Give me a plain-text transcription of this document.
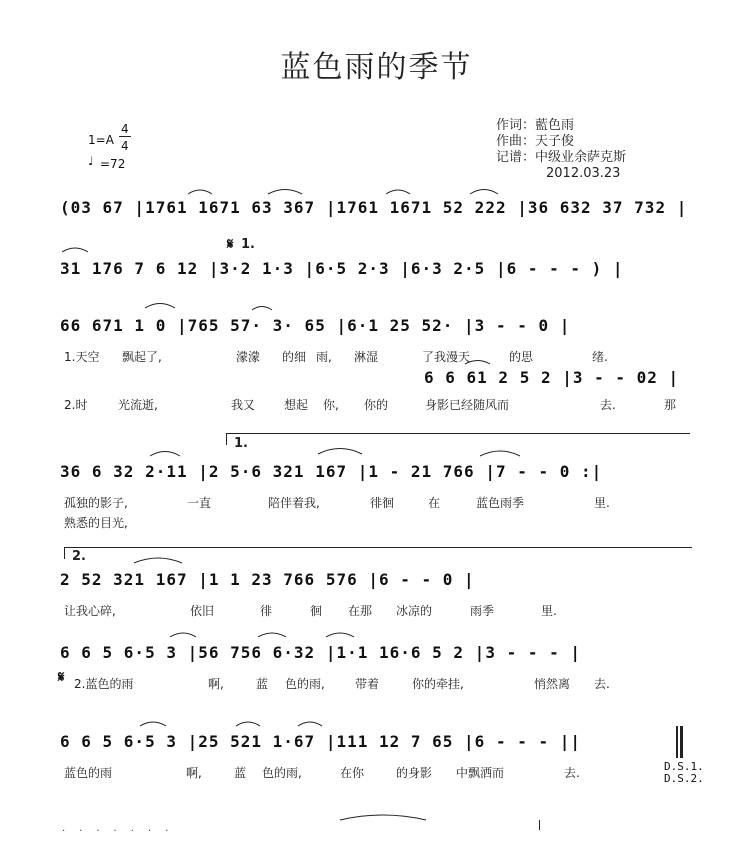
蓝色雨的季节
作词：藍色雨
作曲：天子俊
记谱：中级业余萨克斯
2012.03.23
1=A
4
4
♩ =72
(03 67 |1761 1671 63 367 |1761 1671 52 222 |36 632 37 732 |
31 176 7 6 12 |3·2 1·3 |6·5 2·3 |6·3 2·5 |6 - - - ) |
66 671 1 0 |765 57· 3· 65 |6·1 25 52· |3 - - 0 |
6 6 61 2 5 2 |3 - - 02 |
36 6 32 2·11 |2 5·6 321 167 |1 - 21 766 |7 - - 0 :|
2 52 321 167 |1 1 23 766 576 |6 - - 0 |
6 6 5 6·5 3 |56 756 6·32 |1·1 16·6 5 2 |3 - - - |
6 6 5 6·5 3 |25 521 1·67 |111 12 7 65 |6 - - - ||
𝄋 1.
𝄋
1.天空 飘起了,	濛濛 的细 雨, 淋湿	了我漫天	的思	绪.
2.时	光流逝,	我又 想起 你, 你的	身影已经随风而	去.	那
孤独的影子,	一直	陪伴着我,	徘徊	在	蓝色雨季	里.
熟悉的目光,
让我心碎,	依旧	徘	徊 在那 冰凉的	雨季	里.
2.蓝色的雨	啊,	蓝 色的雨,	带着	你的牵挂,	悄然离 去.
蓝色的雨	啊,	蓝 色的雨,	在你	的身影 中飘洒而	去.
1.
2.
D.S.1.
D.S.2.
·······
